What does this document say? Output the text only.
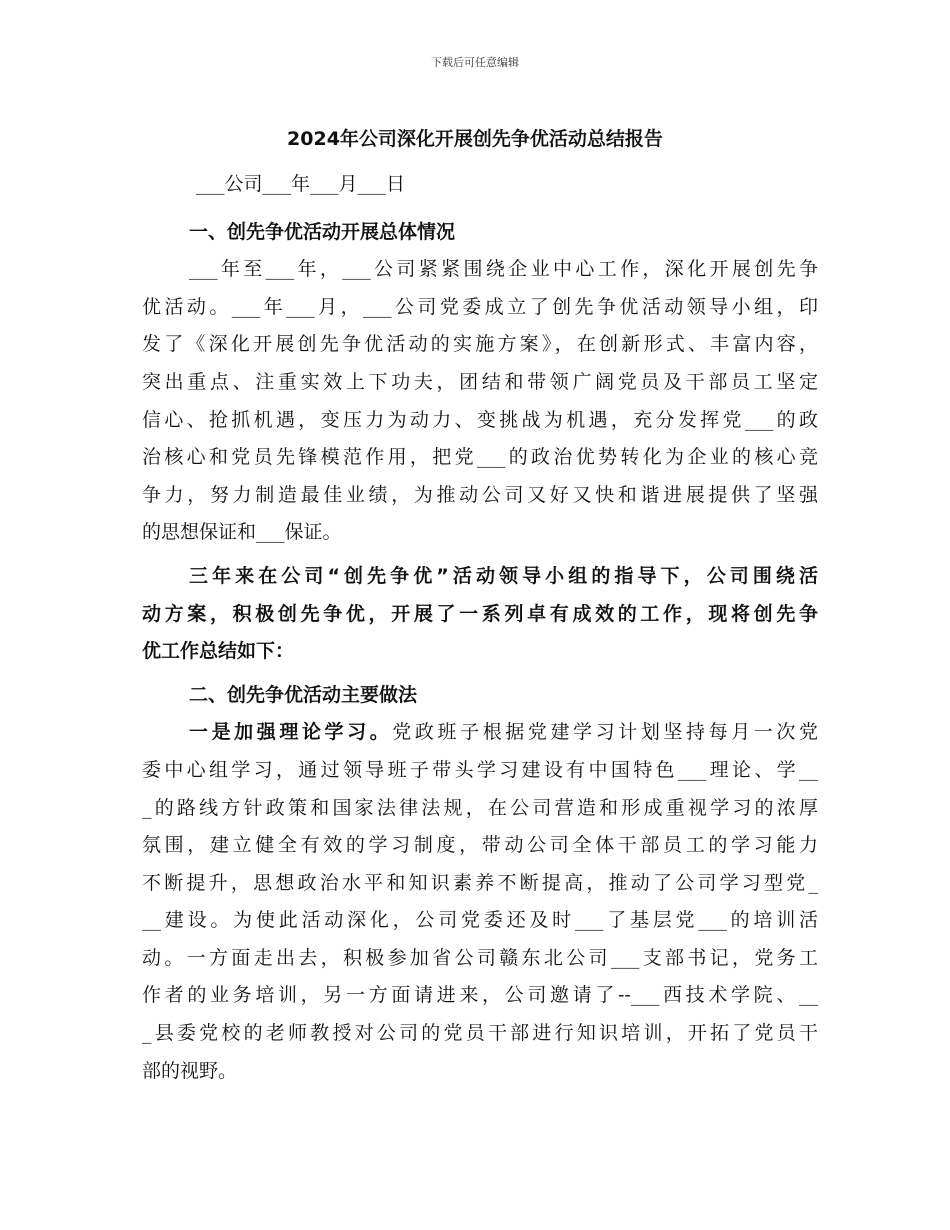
下载后可任意编辑
2024年公司深化开展创先争优活动总结报告
___公司___年___月___日
一、创先争优活动开展总体情况
___年至___年，___公司紧紧围绕企业中心工作，深化开展创先争
优活动。___年___月，___公司党委成立了创先争优活动领导小组，印
发了《深化开展创先争优活动的实施方案》，在创新形式、丰富内容，
突出重点、注重实效上下功夫，团结和带领广阔党员及干部员工坚定
信心、抢抓机遇，变压力为动力、变挑战为机遇，充分发挥党___的政
治核心和党员先锋模范作用，把党___的政治优势转化为企业的核心竞
争力，努力制造最佳业绩，为推动公司又好又快和谐进展提供了坚强
的思想保证和___保证。
三年来在公司“创先争优”活动领导小组的指导下，公司围绕活
动方案，积极创先争优，开展了一系列卓有成效的工作，现将创先争
优工作总结如下：
二、创先争优活动主要做法
一是加强理论学习。党政班子根据党建学习计划坚持每月一次党
委中心组学习，通过领导班子带头学习建设有中国特色___理论、学__
_的路线方针政策和国家法律法规，在公司营造和形成重视学习的浓厚
氛围，建立健全有效的学习制度，带动公司全体干部员工的学习能力
不断提升，思想政治水平和知识素养不断提高，推动了公司学习型党_
__建设。为使此活动深化，公司党委还及时___了基层党___的培训活
动。一方面走出去，积极参加省公司赣东北公司___支部书记，党务工
作者的业务培训，另一方面请进来，公司邀请了--___西技术学院、__
_县委党校的老师教授对公司的党员干部进行知识培训，开拓了党员干
部的视野。
